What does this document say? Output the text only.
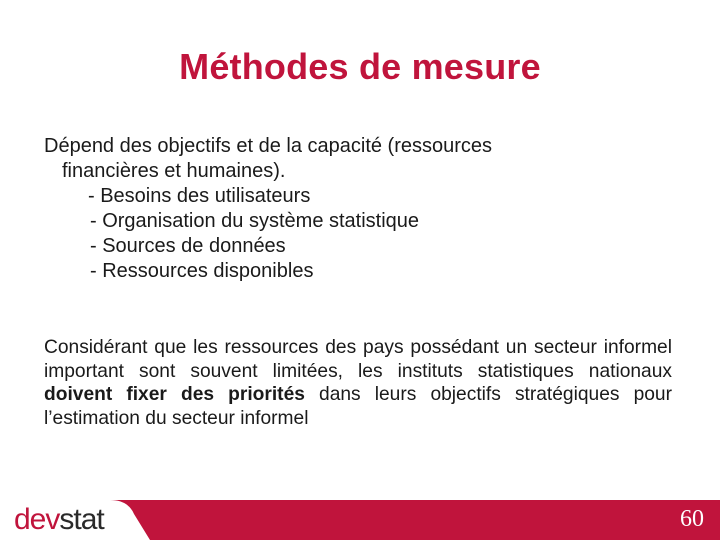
Méthodes de mesure

Dépend des objectifs et de la capacité (ressources

financières et humaines).

- Besoins des utilisateurs
- Organisation du système statistique
- Sources de données
- Ressources disponibles

Considérant que les ressources des pays possédant un secteur informel important sont souvent limitées, les instituts statistiques nationaux doivent fixer des priorités dans leurs objectifs stratégiques pour l’estimation du secteur informel

devstat	60
